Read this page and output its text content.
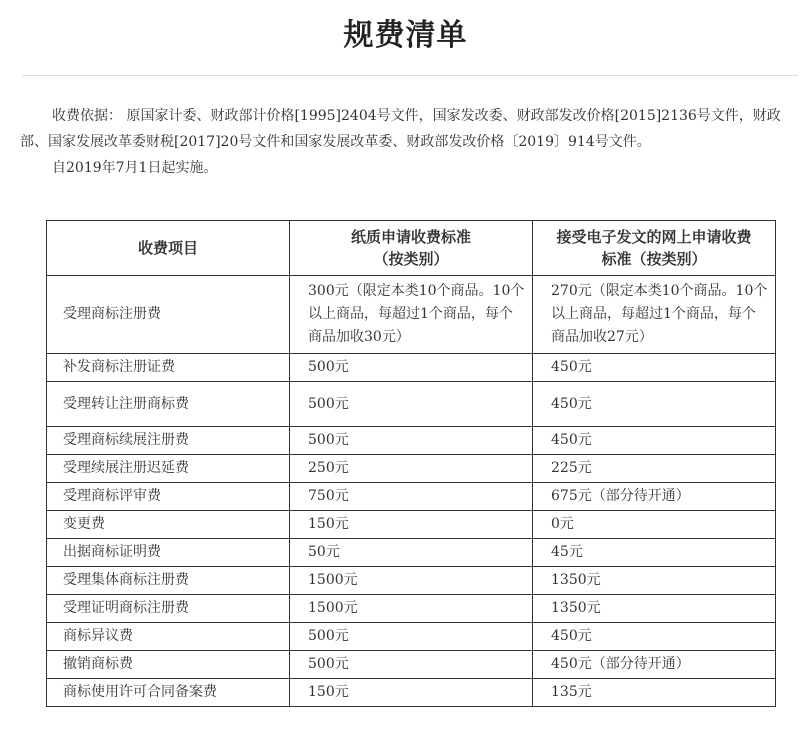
规费清单

收费依据： 原国家计委、财政部计价格[1995]2404号文件，国家发改委、财政部发改价格[2015]2136号文件，财政部、国家发展改革委财税[2017]20号文件和国家发展改革委、财政部发改价格〔2019〕914号文件。

自2019年7月1日起实施。

收费项目	纸质申请收费标准（按类别）	接受电子发文的网上申请收费标准（按类别）
受理商标注册费	300元（限定本类10个商品。10个以上商品，每超过1个商品，每个商品加收30元）	270元（限定本类10个商品。10个以上商品，每超过1个商品，每个商品加收27元）
补发商标注册证费	500元	450元
受理转让注册商标费	500元	450元
受理商标续展注册费	500元	450元
受理续展注册迟延费	250元	225元
受理商标评审费	750元	675元（部分待开通）
变更费	150元	0元
出据商标证明费	50元	45元
受理集体商标注册费	1500元	1350元
受理证明商标注册费	1500元	1350元
商标异议费	500元	450元
撤销商标费	500元	450元（部分待开通）
商标使用许可合同备案费	150元	135元
